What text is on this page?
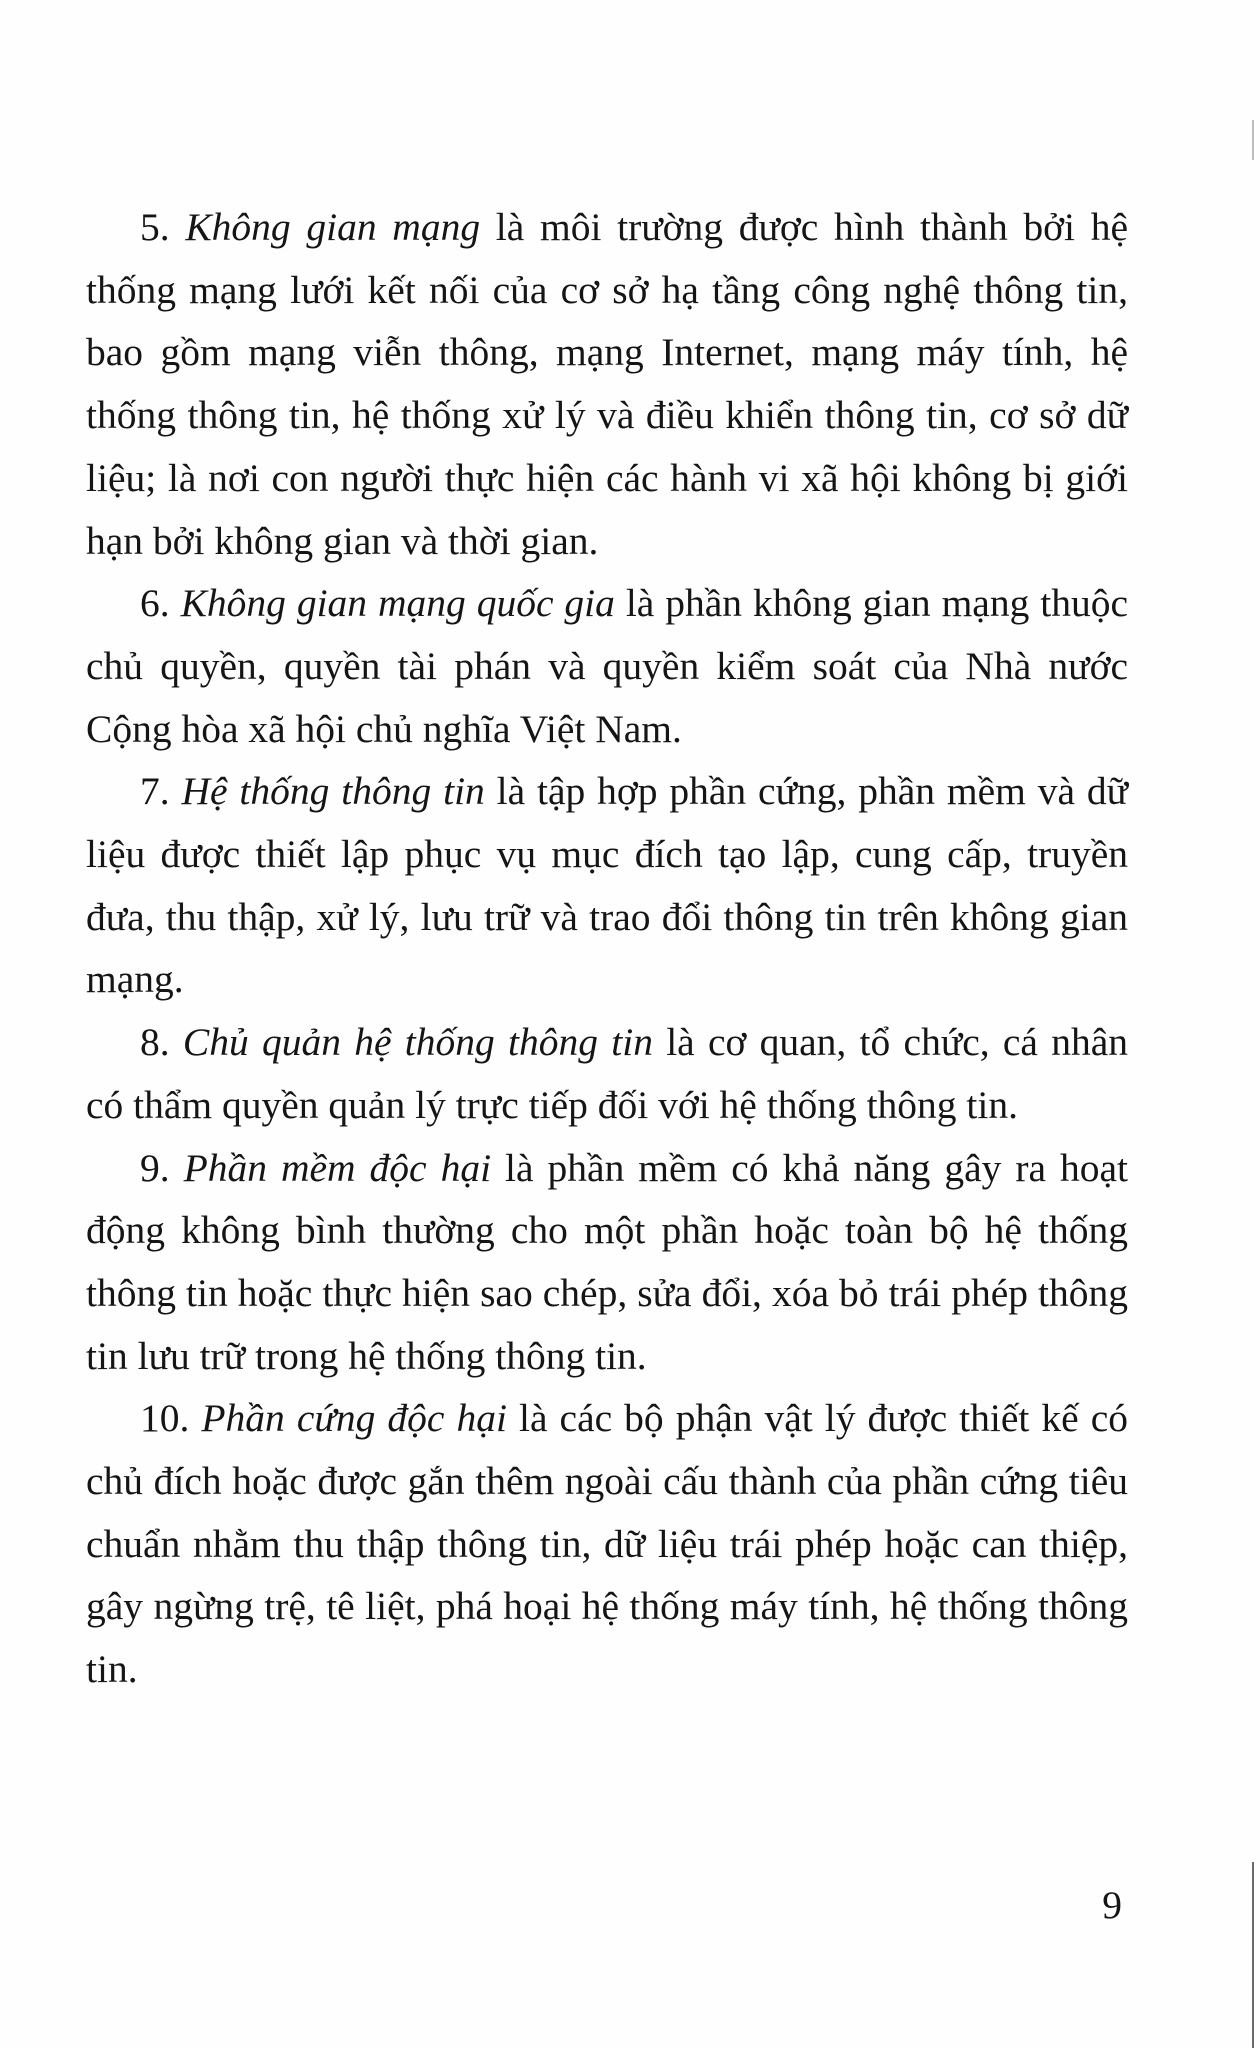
5. Không gian mạng là môi trường được hình thành bởi hệ thống mạng lưới kết nối của cơ sở hạ tầng công nghệ thông tin, bao gồm mạng viễn thông, mạng Internet, mạng máy tính, hệ thống thông tin, hệ thống xử lý và điều khiển thông tin, cơ sở dữ liệu; là nơi con người thực hiện các hành vi xã hội không bị giới hạn bởi không gian và thời gian.

6. Không gian mạng quốc gia là phần không gian mạng thuộc chủ quyền, quyền tài phán và quyền kiểm soát của Nhà nước Cộng hòa xã hội chủ nghĩa Việt Nam.

7. Hệ thống thông tin là tập hợp phần cứng, phần mềm và dữ liệu được thiết lập phục vụ mục đích tạo lập, cung cấp, truyền đưa, thu thập, xử lý, lưu trữ và trao đổi thông tin trên không gian mạng.

8. Chủ quản hệ thống thông tin là cơ quan, tổ chức, cá nhân có thẩm quyền quản lý trực tiếp đối với hệ thống thông tin.

9. Phần mềm độc hại là phần mềm có khả năng gây ra hoạt động không bình thường cho một phần hoặc toàn bộ hệ thống thông tin hoặc thực hiện sao chép, sửa đổi, xóa bỏ trái phép thông tin lưu trữ trong hệ thống thông tin.

10. Phần cứng độc hại là các bộ phận vật lý được thiết kế có chủ đích hoặc được gắn thêm ngoài cấu thành của phần cứng tiêu chuẩn nhằm thu thập thông tin, dữ liệu trái phép hoặc can thiệp, gây ngừng trệ, tê liệt, phá hoại hệ thống máy tính, hệ thống thông tin.

9
